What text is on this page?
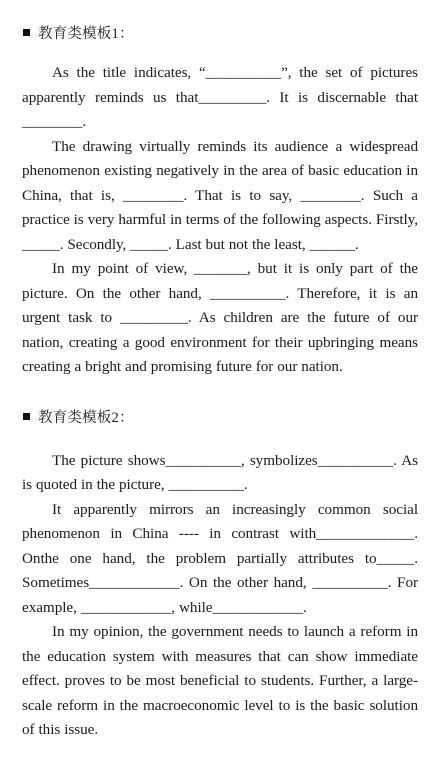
教育类模板1：

As the title indicates, “__________”, the set of pictures apparently reminds us that_________. It is discernable that ________.

The drawing virtually reminds its audience a widespread phenomenon existing negatively in the area of basic education in China, that is, ________. That is to say, ________. Such a practice is very harmful in terms of the following aspects. Firstly, _____. Secondly, _____. Last but not the least, ______.

In my point of view, _______, but it is only part of the picture. On the other hand, __________. Therefore, it is an urgent task to _________. As children are the future of our nation, creating a good environment for their upbringing means creating a bright and promising future for our nation.

教育类模板2：

The picture shows__________, symbolizes__________. As is quoted in the picture, __________.

It apparently mirrors an increasingly common social phenomenon in China ---- in contrast with_____________. Onthe one hand, the problem partially attributes to_____. Sometimes____________. On the other hand, __________. For example, ____________, while____________.

In my opinion, the government needs to launch a reform in the education system with measures that can show immediate effect. proves to be most beneficial to students. Further, a large-scale reform in the macroeconomic level to is the basic solution of this issue.
